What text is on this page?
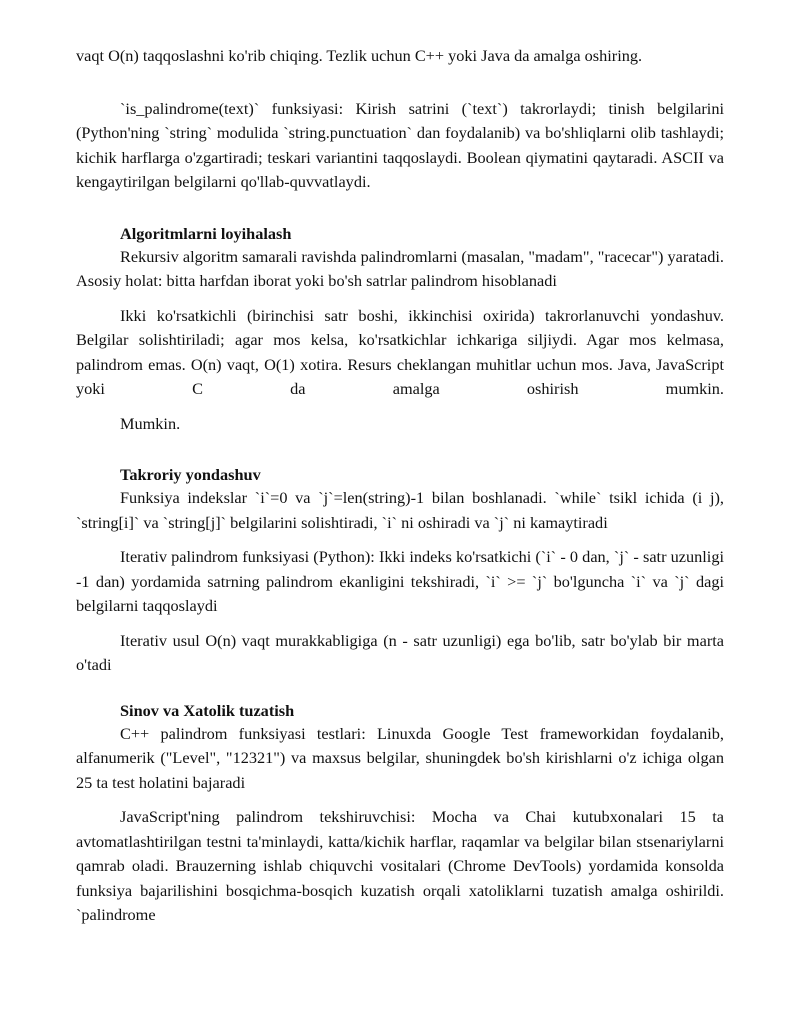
vaqt O(n) taqqoslashni ko'rib chiqing. Tezlik uchun C++ yoki Java da amalga oshiring.

`is_palindrome(text)` funksiyasi: Kirish satrini (`text`) takrorlaydi; tinish belgilarini (Python'ning `string` modulida `string.punctuation` dan foydalanib) va bo'shliqlarni olib tashlaydi; kichik harflarga o'zgartiradi; teskari variantini taqqoslaydi. Boolean qiymatini qaytaradi. ASCII va kengaytirilgan belgilarni qo'llab-quvvatlaydi.

Algoritmlarni loyihalash

Rekursiv algoritm samarali ravishda palindromlarni (masalan, "madam", "racecar") yaratadi. Asosiy holat: bitta harfdan iborat yoki bo'sh satrlar palindrom hisoblanadi

Ikki ko'rsatkichli (birinchisi satr boshi, ikkinchisi oxirida) takrorlanuvchi yondashuv. Belgilar solishtiriladi; agar mos kelsa, ko'rsatkichlar ichkariga siljiydi. Agar mos kelmasa, palindrom emas. O(n) vaqt, O(1) xotira. Resurs cheklangan muhitlar uchun mos. Java, JavaScript yoki C da amalga oshirish mumkin.

Mumkin.

Takroriy yondashuv

Funksiya indekslar `i`=0 va `j`=len(string)-1 bilan boshlanadi. `while` tsikl ichida (i j), `string[i]` va `string[j]` belgilarini solishtiradi, `i` ni oshiradi va `j` ni kamaytiradi

Iterativ palindrom funksiyasi (Python): Ikki indeks ko'rsatkichi (`i` - 0 dan, `j` - satr uzunligi -1 dan) yordamida satrning palindrom ekanligini tekshiradi, `i` >= `j` bo'lguncha `i` va `j` dagi belgilarni taqqoslaydi

Iterativ usul O(n) vaqt murakkabligiga (n - satr uzunligi) ega bo'lib, satr bo'ylab bir marta o'tadi

Sinov va Xatolik tuzatish

C++ palindrom funksiyasi testlari: Linuxda Google Test frameworkidan foydalanib, alfanumerik ("Level", "12321") va maxsus belgilar, shuningdek bo'sh kirishlarni o'z ichiga olgan 25 ta test holatini bajaradi

JavaScript'ning palindrom tekshiruvchisi: Mocha va Chai kutubxonalari 15 ta avtomatlashtirilgan testni ta'minlaydi, katta/kichik harflar, raqamlar va belgilar bilan stsenariylarni qamrab oladi. Brauzerning ishlab chiquvchi vositalari (Chrome DevTools) yordamida konsolda funksiya bajarilishini bosqichma-bosqich kuzatish orqali xatoliklarni tuzatish amalga oshirildi. `palindrome
